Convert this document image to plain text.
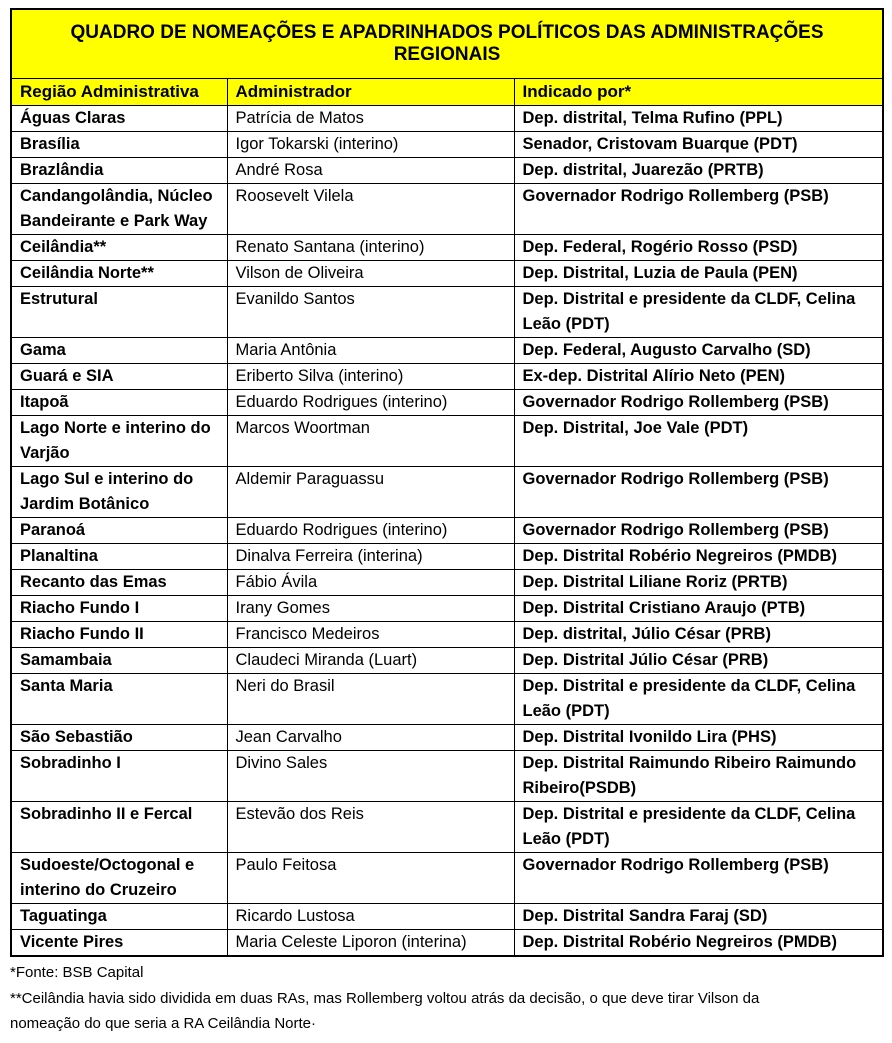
QUADRO DE NOMEAÇÕES E APADRINHADOS POLÍTICOS DAS ADMINISTRAÇÕES REGIONAIS		
Região Administrativa	Administrador	Indicado por*
Águas Claras	Patrícia de Matos	Dep. distrital, Telma Rufino (PPL)
Brasília	Igor Tokarski (interino)	Senador, Cristovam Buarque (PDT)
Brazlândia	André Rosa	Dep. distrital, Juarezão (PRTB)
Candangolândia, Núcleo Bandeirante e Park Way	Roosevelt Vilela	Governador Rodrigo Rollemberg (PSB)
Ceilândia**	Renato Santana (interino)	Dep. Federal, Rogério Rosso (PSD)
Ceilândia Norte**	Vilson de Oliveira	Dep. Distrital, Luzia de Paula (PEN)
Estrutural	Evanildo Santos	Dep. Distrital e presidente da CLDF, Celina Leão (PDT)
Gama	Maria Antônia	Dep. Federal, Augusto Carvalho (SD)
Guará e SIA	Eriberto Silva (interino)	Ex-dep. Distrital Alírio Neto (PEN)
Itapoã	Eduardo Rodrigues (interino)	Governador Rodrigo Rollemberg (PSB)
Lago Norte e interino do Varjão	Marcos Woortman	Dep. Distrital, Joe Vale (PDT)
Lago Sul e interino do Jardim Botânico	Aldemir Paraguassu	Governador Rodrigo Rollemberg (PSB)
Paranoá	Eduardo Rodrigues (interino)	Governador Rodrigo Rollemberg (PSB)
Planaltina	Dinalva Ferreira (interina)	Dep. Distrital Robério Negreiros (PMDB)
Recanto das Emas	Fábio Ávila	Dep. Distrital Liliane Roriz (PRTB)
Riacho Fundo I	Irany Gomes	Dep. Distrital Cristiano Araujo (PTB)
Riacho Fundo II	Francisco Medeiros	Dep. distrital, Júlio César (PRB)
Samambaia	Claudeci Miranda (Luart)	Dep. Distrital Júlio César (PRB)
Santa Maria	Neri do Brasil	Dep. Distrital e presidente da CLDF, Celina Leão (PDT)
São Sebastião	Jean Carvalho	Dep. Distrital Ivonildo Lira (PHS)
Sobradinho I	Divino Sales	Dep. Distrital Raimundo Ribeiro Raimundo Ribeiro(PSDB)
Sobradinho II e Fercal	Estevão dos Reis	Dep. Distrital e presidente da CLDF, Celina Leão (PDT)
Sudoeste/Octogonal e interino do Cruzeiro	Paulo Feitosa	Governador Rodrigo Rollemberg (PSB)
Taguatinga	Ricardo Lustosa	Dep. Distrital Sandra Faraj (SD)
Vicente Pires	Maria Celeste Liporon (interina)	Dep. Distrital Robério Negreiros (PMDB)

*Fonte: BSB Capital

**Ceilândia havia sido dividida em duas RAs, mas Rollemberg voltou atrás da decisão, o que deve tirar Vilson da nomeação do que seria a RA Ceilândia Norte·
